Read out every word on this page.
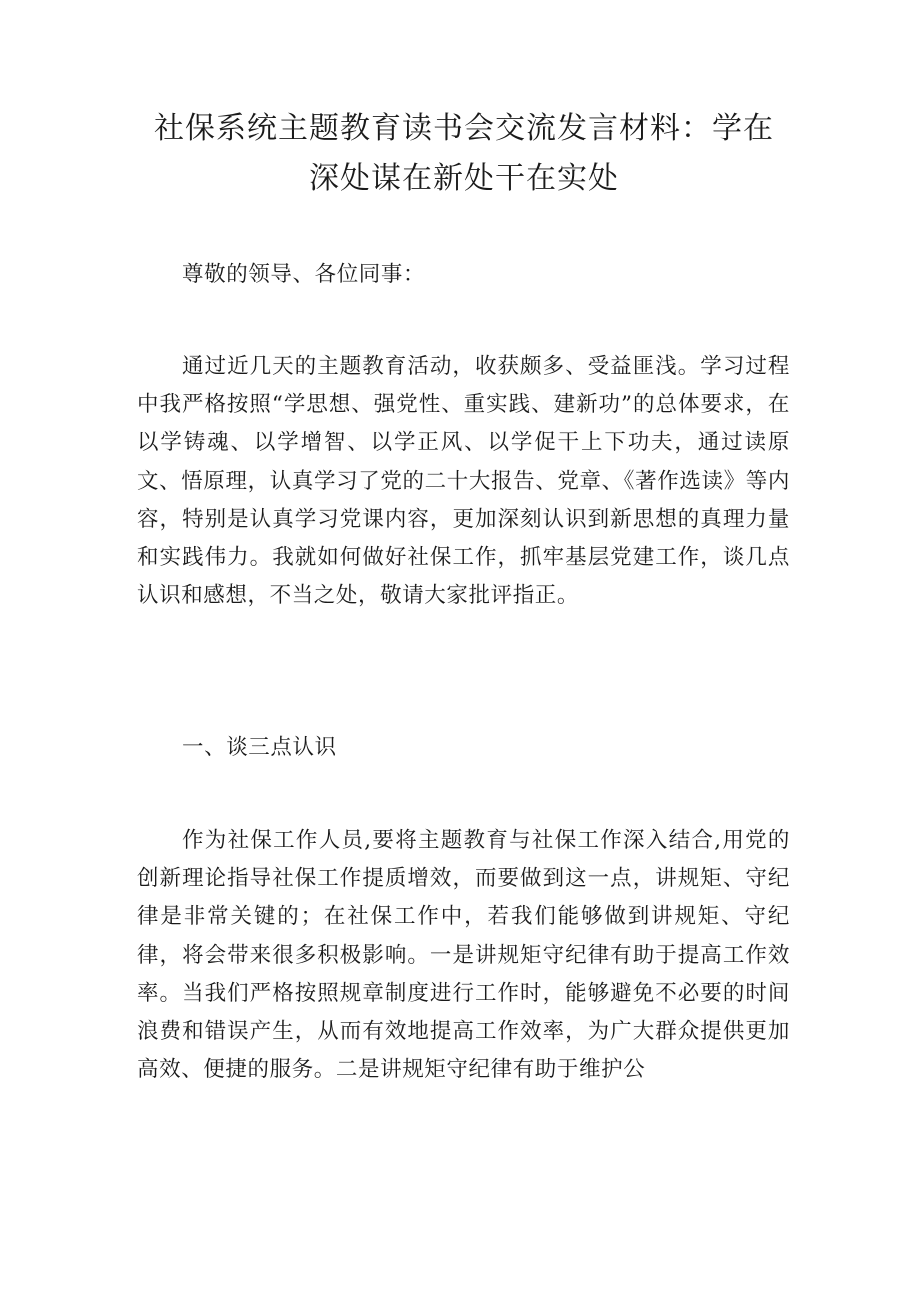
社保系统主题教育读书会交流发言材料：学在深处谋在新处干在实处

尊敬的领导、各位同事：

通过近几天的主题教育活动，收获颇多、受益匪浅。学习过程中我严格按照“学思想、强党性、重实践、建新功”的总体要求，在以学铸魂、以学增智、以学正风、以学促干上下功夫，通过读原文、悟原理，认真学习了党的二十大报告、党章、《著作选读》等内容，特别是认真学习党课内容，更加深刻认识到新思想的真理力量和实践伟力。我就如何做好社保工作，抓牢基层党建工作，谈几点认识和感想，不当之处，敬请大家批评指正。

一、谈三点认识

作为社保工作人员,要将主题教育与社保工作深入结合,用党的创新理论指导社保工作提质增效，而要做到这一点，讲规矩、守纪律是非常关键的；在社保工作中，若我们能够做到讲规矩、守纪律，将会带来很多积极影响。一是讲规矩守纪律有助于提高工作效率。当我们严格按照规章制度进行工作时，能够避免不必要的时间浪费和错误产生，从而有效地提高工作效率，为广大群众提供更加高效、便捷的服务。二是讲规矩守纪律有助于维护公
